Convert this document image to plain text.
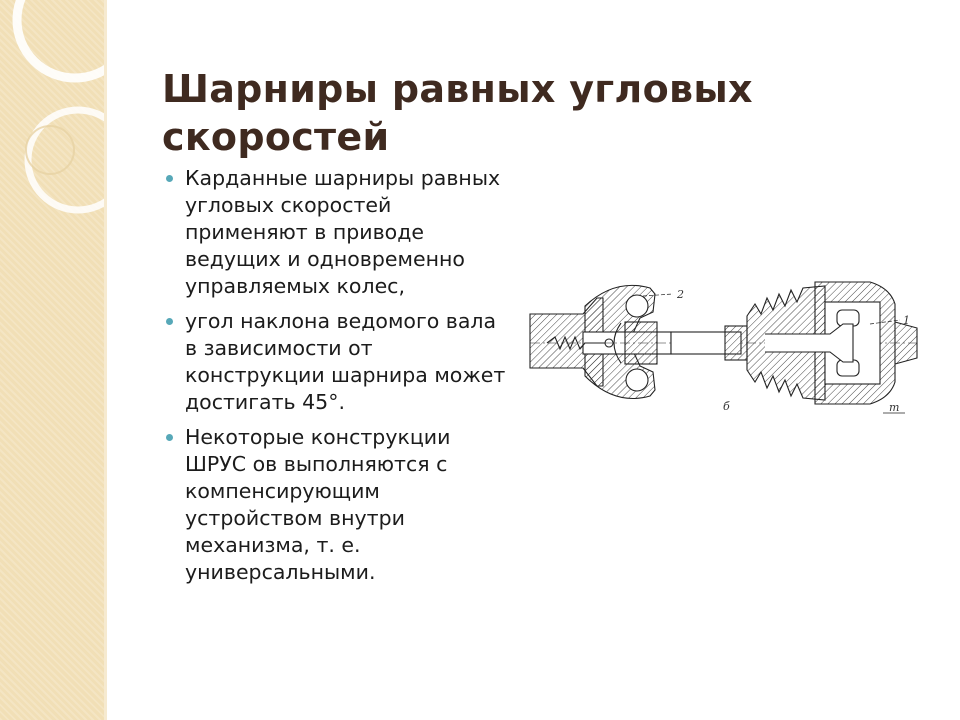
Шарниры равных угловых скоростей
Карданные шарниры равных угловых скоростей применяют в приводе ведущих и одновременно управляемых колес,
угол наклона ведомого вала в зависимости от конструкции шарнира может достигать 45°.
Некоторые конструкции ШРУС ов выполняются с компенсирующим устройством внутри механизма, т. е. универсальными.
2
1
б	т
